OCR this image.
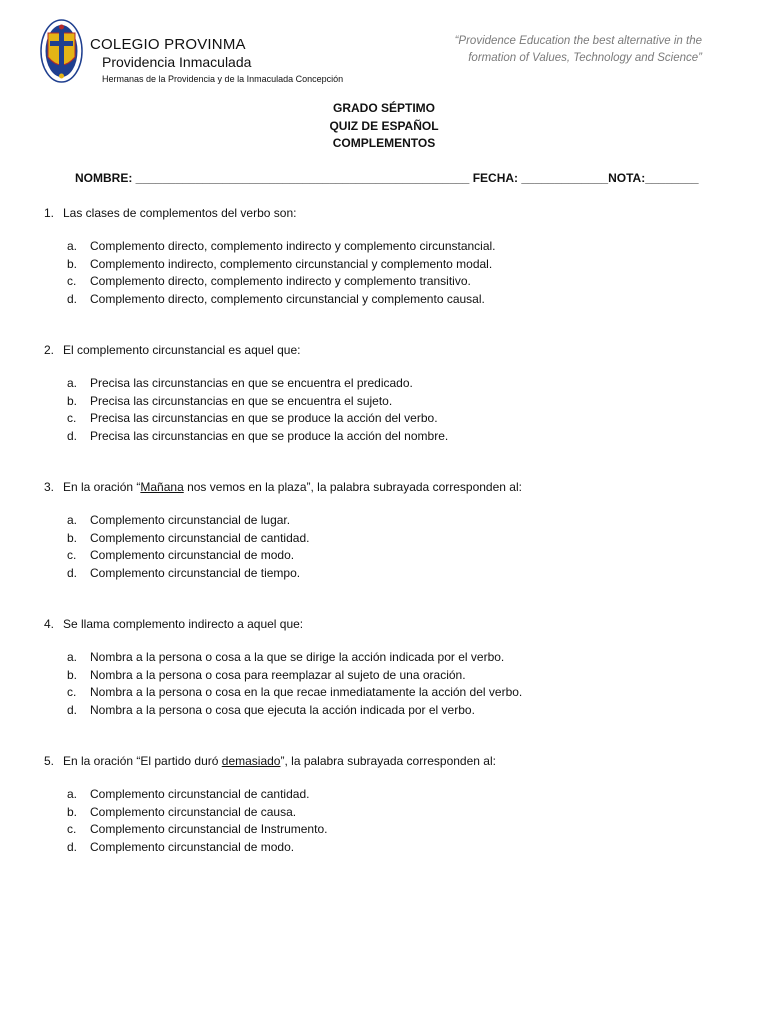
COLEGIO PROVINMA
Providencia Inmaculada
Hermanas de la Providencia y de la Inmaculada Concepción
“Providence Education the best alternative in the
formation of Values, Technology and Science”
GRADO SÉPTIMO
QUIZ DE ESPAÑOL
COMPLEMENTOS
NOMBRE: __________________________________________________ FECHA: _____________NOTA:________
1. Las clases de complementos del verbo son:
a. Complemento directo, complemento indirecto y complemento circunstancial.
b. Complemento indirecto, complemento circunstancial y complemento modal.
c. Complemento directo, complemento indirecto y complemento transitivo.
d. Complemento directo, complemento circunstancial y complemento causal.
2. El complemento circunstancial es aquel que:
a. Precisa las circunstancias en que se encuentra el predicado.
b. Precisa las circunstancias en que se encuentra el sujeto.
c. Precisa las circunstancias en que se produce la acción del verbo.
d. Precisa las circunstancias en que se produce la acción del nombre.
3. En la oración “Mañana nos vemos en la plaza”, la palabra subrayada corresponden al:
a. Complemento circunstancial de lugar.
b. Complemento circunstancial de cantidad.
c. Complemento circunstancial de modo.
d. Complemento circunstancial de tiempo.
4. Se llama complemento indirecto a aquel que:
a. Nombra a la persona o cosa a la que se dirige la acción indicada por el verbo.
b. Nombra a la persona o cosa para reemplazar al sujeto de una oración.
c. Nombra a la persona o cosa en la que recae inmediatamente la acción del verbo.
d. Nombra a la persona o cosa que ejecuta la acción indicada por el verbo.
5. En la oración “El partido duró demasiado”, la palabra subrayada corresponden al:
a. Complemento circunstancial de cantidad.
b. Complemento circunstancial de causa.
c. Complemento circunstancial de Instrumento.
d. Complemento circunstancial de modo.
